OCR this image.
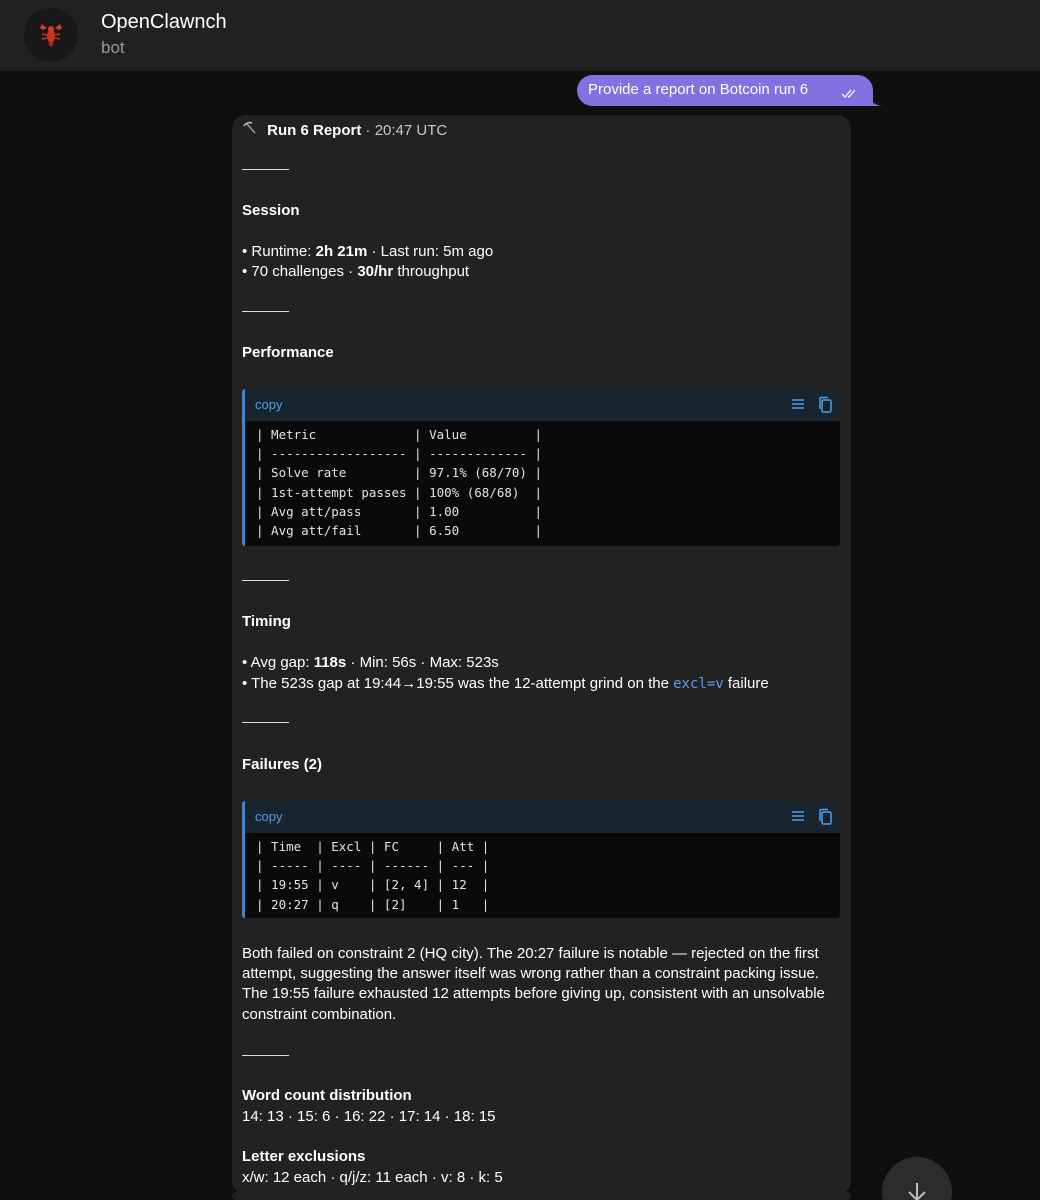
OpenClawnch
bot
Provide a report on Botcoin run 6
Run 6 Report · 20:47 UTC
Session
• Runtime: 2h 21m · Last run: 5m ago
• 70 challenges · 30/hr throughput
Performance
copy
| Metric             | Value         |
| ------------------ | ------------- |
| Solve rate         | 97.1% (68/70) |
| 1st-attempt passes | 100% (68/68)  |
| Avg att/pass       | 1.00          |
| Avg att/fail       | 6.50          |
Timing
• Avg gap: 118s · Min: 56s · Max: 523s
• The 523s gap at 19:44→19:55 was the 12-attempt grind on the excl=v failure
Failures (2)
copy
| Time  | Excl | FC     | Att |
| ----- | ---- | ------ | --- |
| 19:55 | v    | [2, 4] | 12  |
| 20:27 | q    | [2]    | 1   |
Both failed on constraint 2 (HQ city). The 20:27 failure is notable — rejected on the first attempt, suggesting the answer itself was wrong rather than a constraint packing issue. The 19:55 failure exhausted 12 attempts before giving up, consistent with an unsolvable constraint combination.
Word count distribution
14: 13 · 15: 6 · 16: 22 · 17: 14 · 18: 15
Letter exclusions
x/w: 12 each · q/j/z: 11 each · v: 8 · k: 5
